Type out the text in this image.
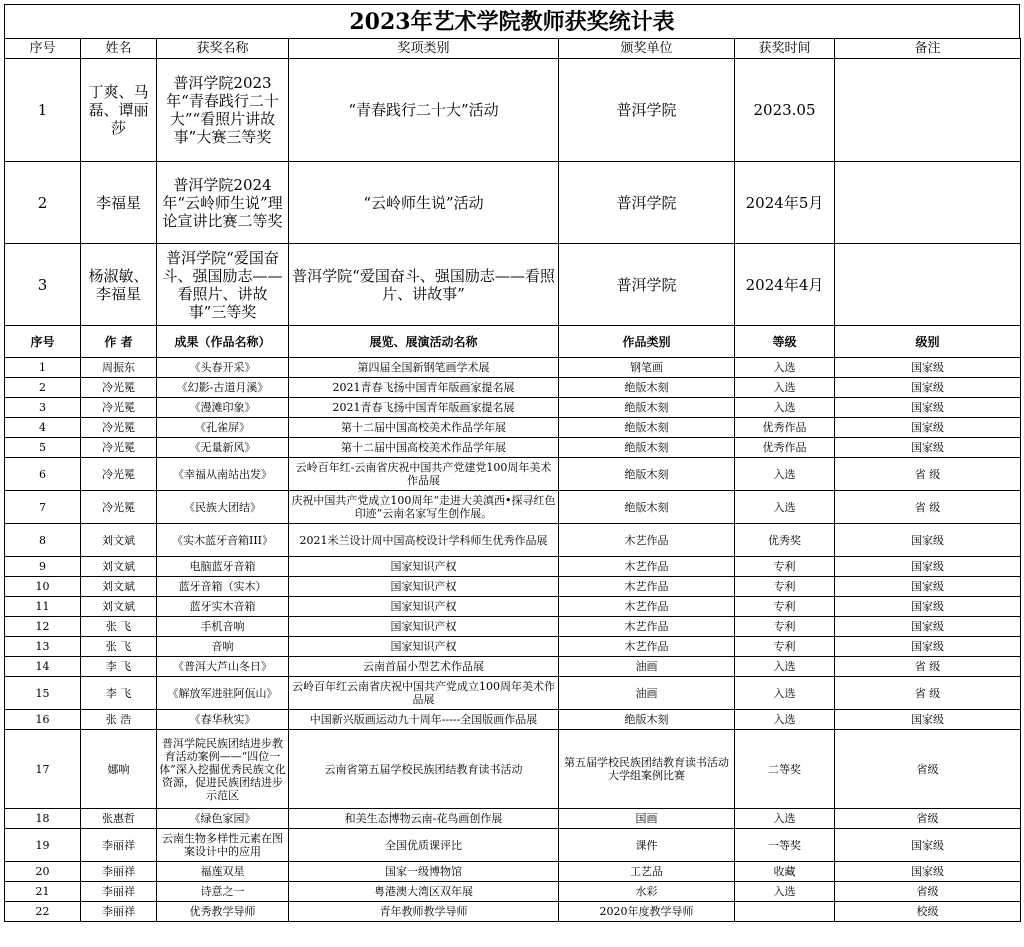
2023年艺术学院教师获奖统计表
序号	姓名	获奖名称	奖项类别	颁奖单位	获奖时间	备注
1	丁爽、马磊、谭丽莎	普洱学院2023年“青春践行二十大”“看照片讲故事”大赛三等奖	“青春践行二十大”活动	普洱学院	2023.05	
2	李福星	普洱学院2024年“云岭师生说”理论宣讲比赛二等奖	“云岭师生说”活动	普洱学院	2024年5月	
3	杨淑敏、李福星	普洱学院“爱国奋斗、强国励志——看照片、讲故事”三等奖	普洱学院“爱国奋斗、强国励志——看照片、讲故事”	普洱学院	2024年4月	
序号	作 者	成果（作品名称）	展览、展演活动名称	作品类别	等级	级别
1	周振东	《头春开采》	第四届全国新钢笔画学术展	钢笔画	入选	国家级
2	冷光冕	《幻影-古道月溪》	2021青春飞扬中国青年版画家提名展	绝版木刻	入选	国家级
3	冷光冕	《漫滩印象》	2021青春飞扬中国青年版画家提名展	绝版木刻	入选	国家级
4	冷光冕	《孔雀屏》	第十二届中国高校美术作品学年展	绝版木刻	优秀作品	国家级
5	冷光冕	《无量新风》	第十二届中国高校美术作品学年展	绝版木刻	优秀作品	国家级
6	冷光冕	《幸福从南站出发》	云岭百年红-云南省庆祝中国共产党建党100周年美术作品展	绝版木刻	入选	省 级
7	冷光冕	《民族大团结》	庆祝中国共产党成立100周年“走进大美滇西•探寻红色印迹”云南名家写生创作展。	绝版木刻	入选	省 级
8	刘文斌	《实木蓝牙音箱III》	2021米兰设计周中国高校设计学科师生优秀作品展	木艺作品	优秀奖	国家级
9	刘文斌	电脑蓝牙音箱	国家知识产权	木艺作品	专利	国家级
10	刘文斌	蓝牙音箱（实木）	国家知识产权	木艺作品	专利	国家级
11	刘文斌	蓝牙实木音箱	国家知识产权	木艺作品	专利	国家级
12	张 飞	手机音响	国家知识产权	木艺作品	专利	国家级
13	张 飞	音响	国家知识产权	木艺作品	专利	国家级
14	李 飞	《普洱大芦山冬日》	云南首届小型艺术作品展	油画	入选	省 级
15	李 飞	《解放军进驻阿佤山》	云岭百年红云南省庆祝中国共产党成立100周年美术作品展	油画	入选	省 级
16	张 浩	《春华秋实》	中国新兴版画运动九十周年-----全国版画作品展	绝版木刻	入选	国家级
17	娜响	普洱学院民族团结进步教育活动案例——“四位一体”深入挖掘优秀民族文化资源，促进民族团结进步示范区	云南省第五届学校民族团结教育读书活动	第五届学校民族团结教育读书活动大学组案例比赛	二等奖	省级
18	张惠哲	《绿色家园》	和美生态博物云南-花鸟画创作展	国画	入选	省级
19	李丽祥	云南生物多样性元素在图案设计中的应用	全国优质课评比	课件	一等奖	国家级
20	李丽祥	福莲双星	国家一级博物馆	工艺品	收藏	国家级
21	李丽祥	诗意之一	粤港澳大湾区双年展	水彩	入选	省级
22	李丽祥	优秀教学导师	青年教师教学导师	2020年度教学导师		校级
